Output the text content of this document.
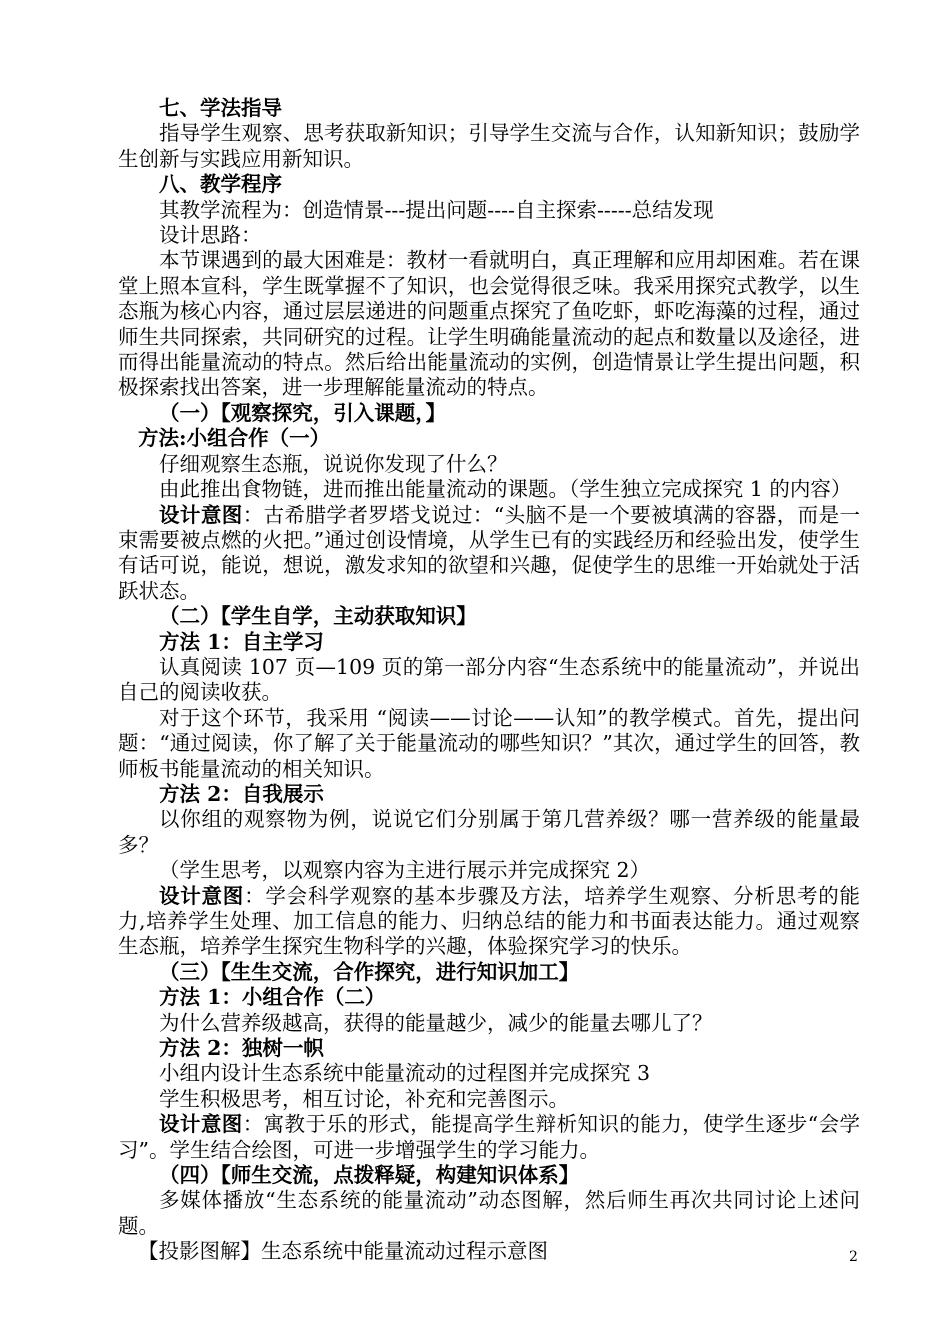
七、学法指导

指导学生观察、思考获取新知识；引导学生交流与合作，认知新知识；鼓励学生创新与实践应用新知识。

八、教学程序

其教学流程为：创造情景---提出问题----自主探索-----总结发现

设计思路：

本节课遇到的最大困难是：教材一看就明白，真正理解和应用却困难。若在课堂上照本宣科，学生既掌握不了知识，也会觉得很乏味。我采用探究式教学，以生态瓶为核心内容，通过层层递进的问题重点探究了鱼吃虾，虾吃海藻的过程，通过师生共同探索，共同研究的过程。让学生明确能量流动的起点和数量以及途径，进而得出能量流动的特点。然后给出能量流动的实例，创造情景让学生提出问题，积极探索找出答案，进一步理解能量流动的特点。

（一）【观察探究，引入课题，】

方法:小组合作（一）

仔细观察生态瓶，说说你发现了什么？

由此推出食物链，进而推出能量流动的课题。（学生独立完成探究 1 的内容）

设计意图：古希腊学者罗塔戈说过：“头脑不是一个要被填满的容器，而是一束需要被点燃的火把。”通过创设情境，从学生已有的实践经历和经验出发，使学生有话可说，能说，想说，激发求知的欲望和兴趣，促使学生的思维一开始就处于活跃状态。

（二）【学生自学，主动获取知识】

方法 1：自主学习

认真阅读 107 页—109 页的第一部分内容“生态系统中的能量流动”，并说出自己的阅读收获。

对于这个环节，我采用 “阅读——讨论——认知”的教学模式。首先，提出问题：“通过阅读，你了解了关于能量流动的哪些知识？”其次，通过学生的回答，教师板书能量流动的相关知识。

方法 2：自我展示

以你组的观察物为例，说说它们分别属于第几营养级？哪一营养级的能量最多？

（学生思考，以观察内容为主进行展示并完成探究 2）

设计意图：学会科学观察的基本步骤及方法，培养学生观察、分析思考的能力,培养学生处理、加工信息的能力、归纳总结的能力和书面表达能力。通过观察生态瓶，培养学生探究生物科学的兴趣，体验探究学习的快乐。

（三）【生生交流，合作探究，进行知识加工】

方法 1：小组合作（二）

为什么营养级越高，获得的能量越少，减少的能量去哪儿了？

方法 2：独树一帜

小组内设计生态系统中能量流动的过程图并完成探究 3

学生积极思考，相互讨论，补充和完善图示。

设计意图：寓教于乐的形式，能提高学生辩析知识的能力，使学生逐步“会学习”。学生结合绘图，可进一步增强学生的学习能力。

（四）【师生交流，点拨释疑，构建知识体系】

多媒体播放“生态系统的能量流动”动态图解，然后师生再次共同讨论上述问题。

【投影图解】生态系统中能量流动过程示意图	2
